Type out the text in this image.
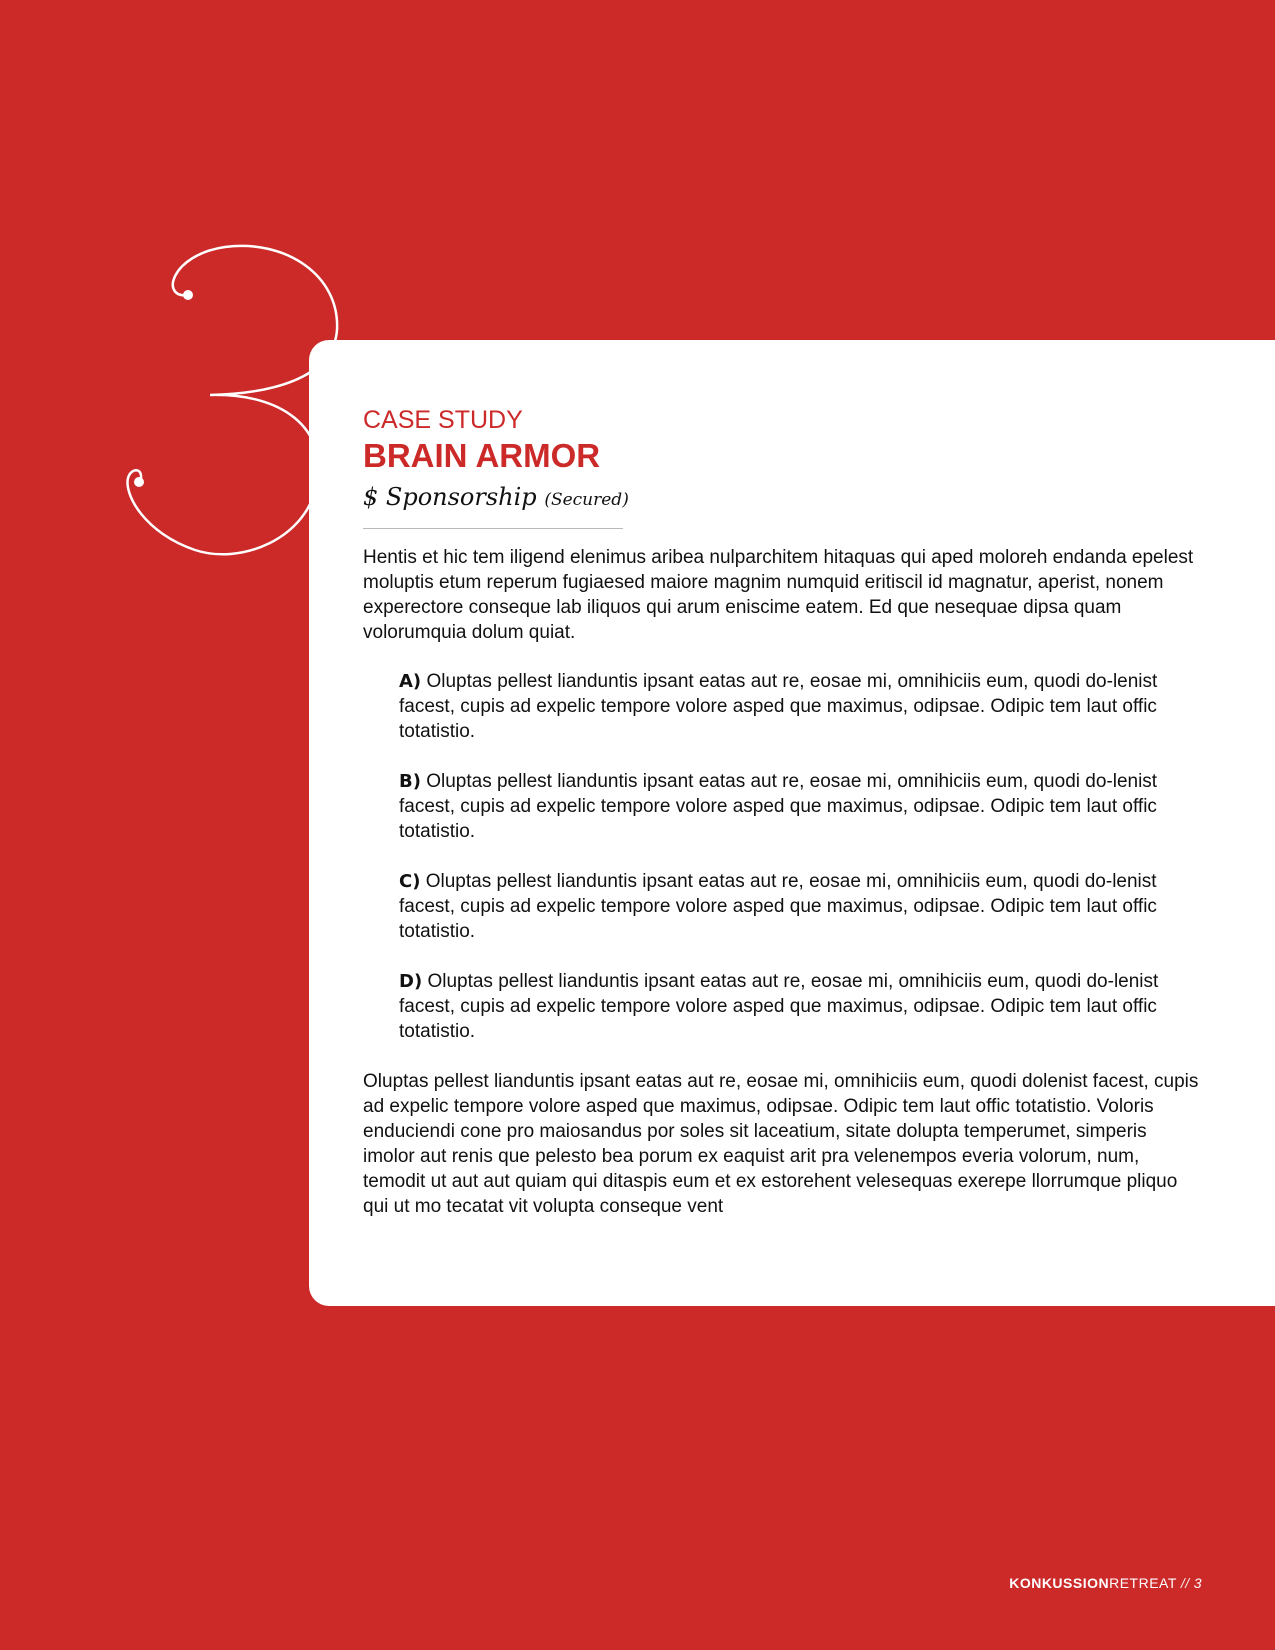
CASE STUDY

BRAIN ARMOR

$ Sponsorship (Secured)

Hentis et hic tem iligend elenimus aribea nulparchitem hitaquas qui aped moloreh endanda epelest moluptis etum reperum fugiaesed maiore magnim numquid eritiscil id magnatur, aperist, nonem experectore conseque lab iliquos qui arum eniscime eatem. Ed que nesequae dipsa quam volorumquia dolum quiat.

A) Oluptas pellest lianduntis ipsant eatas aut re, eosae mi, omnihiciis eum, quodi do-lenist facest, cupis ad expelic tempore volore asped que maximus, odipsae. Odipic tem laut offic totatistio.

B) Oluptas pellest lianduntis ipsant eatas aut re, eosae mi, omnihiciis eum, quodi do-lenist facest, cupis ad expelic tempore volore asped que maximus, odipsae. Odipic tem laut offic totatistio.

C) Oluptas pellest lianduntis ipsant eatas aut re, eosae mi, omnihiciis eum, quodi do-lenist facest, cupis ad expelic tempore volore asped que maximus, odipsae. Odipic tem laut offic totatistio.

D) Oluptas pellest lianduntis ipsant eatas aut re, eosae mi, omnihiciis eum, quodi do-lenist facest, cupis ad expelic tempore volore asped que maximus, odipsae. Odipic tem laut offic totatistio.

Oluptas pellest lianduntis ipsant eatas aut re, eosae mi, omnihiciis eum, quodi dolenist facest, cupis ad expelic tempore volore asped que maximus, odipsae. Odipic tem laut offic totatistio. Voloris enduciendi cone pro maiosandus por soles sit laceatium, sitate dolupta temperumet, simperis imolor aut renis que pelesto bea porum ex eaquist arit pra velenempos everia volorum, num, temodit ut aut aut quiam qui ditaspis eum et ex estorehent velesequas exerepe llorrumque pliquo qui ut mo tecatat vit volupta conseque vent

KONKUSSIONRETREAT // 3
